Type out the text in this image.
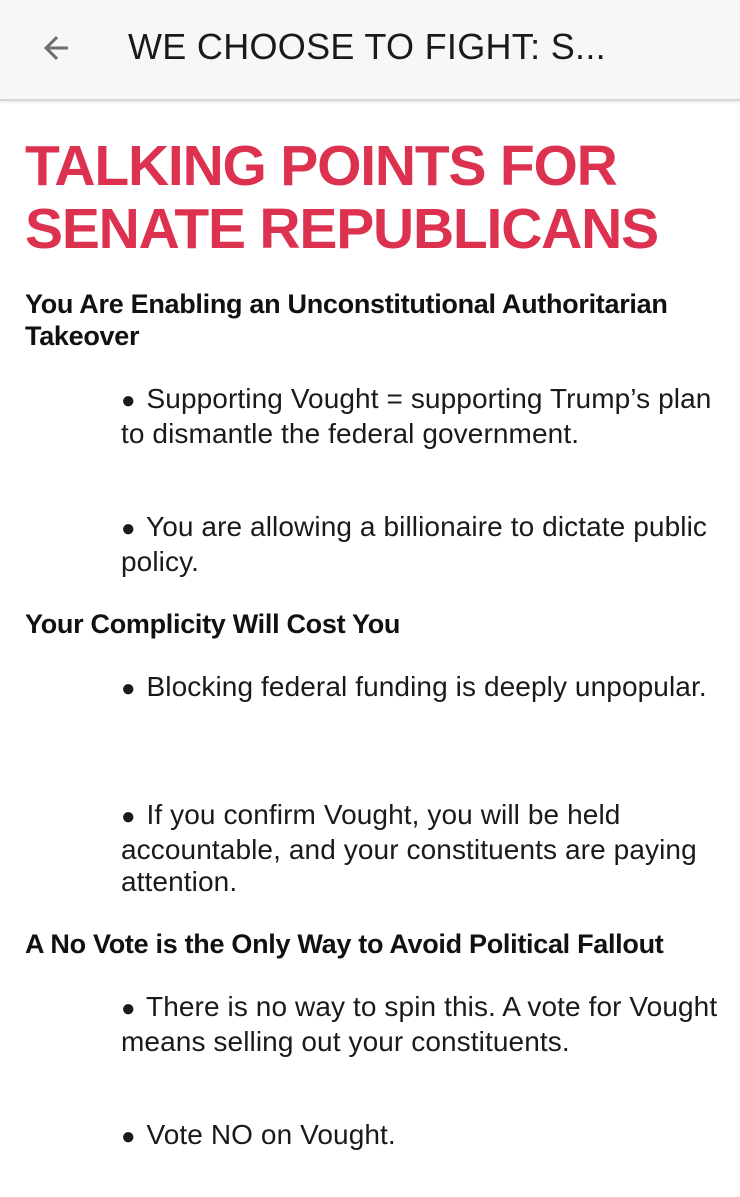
WE CHOOSE TO FIGHT: S...
TALKING POINTS FOR SENATE REPUBLICANS
You Are Enabling an Unconstitutional Authoritarian Takeover

● Supporting Vought = supporting Trump’s plan to dismantle the federal government.

● You are allowing a billionaire to dictate public policy.

Your Complicity Will Cost You

● Blocking federal funding is deeply unpopular.

● If you confirm Vought, you will be held accountable, and your constituents are paying attention.

A No Vote is the Only Way to Avoid Political Fallout

● There is no way to spin this. A vote for Vought means selling out your constituents.

● Vote NO on Vought.
